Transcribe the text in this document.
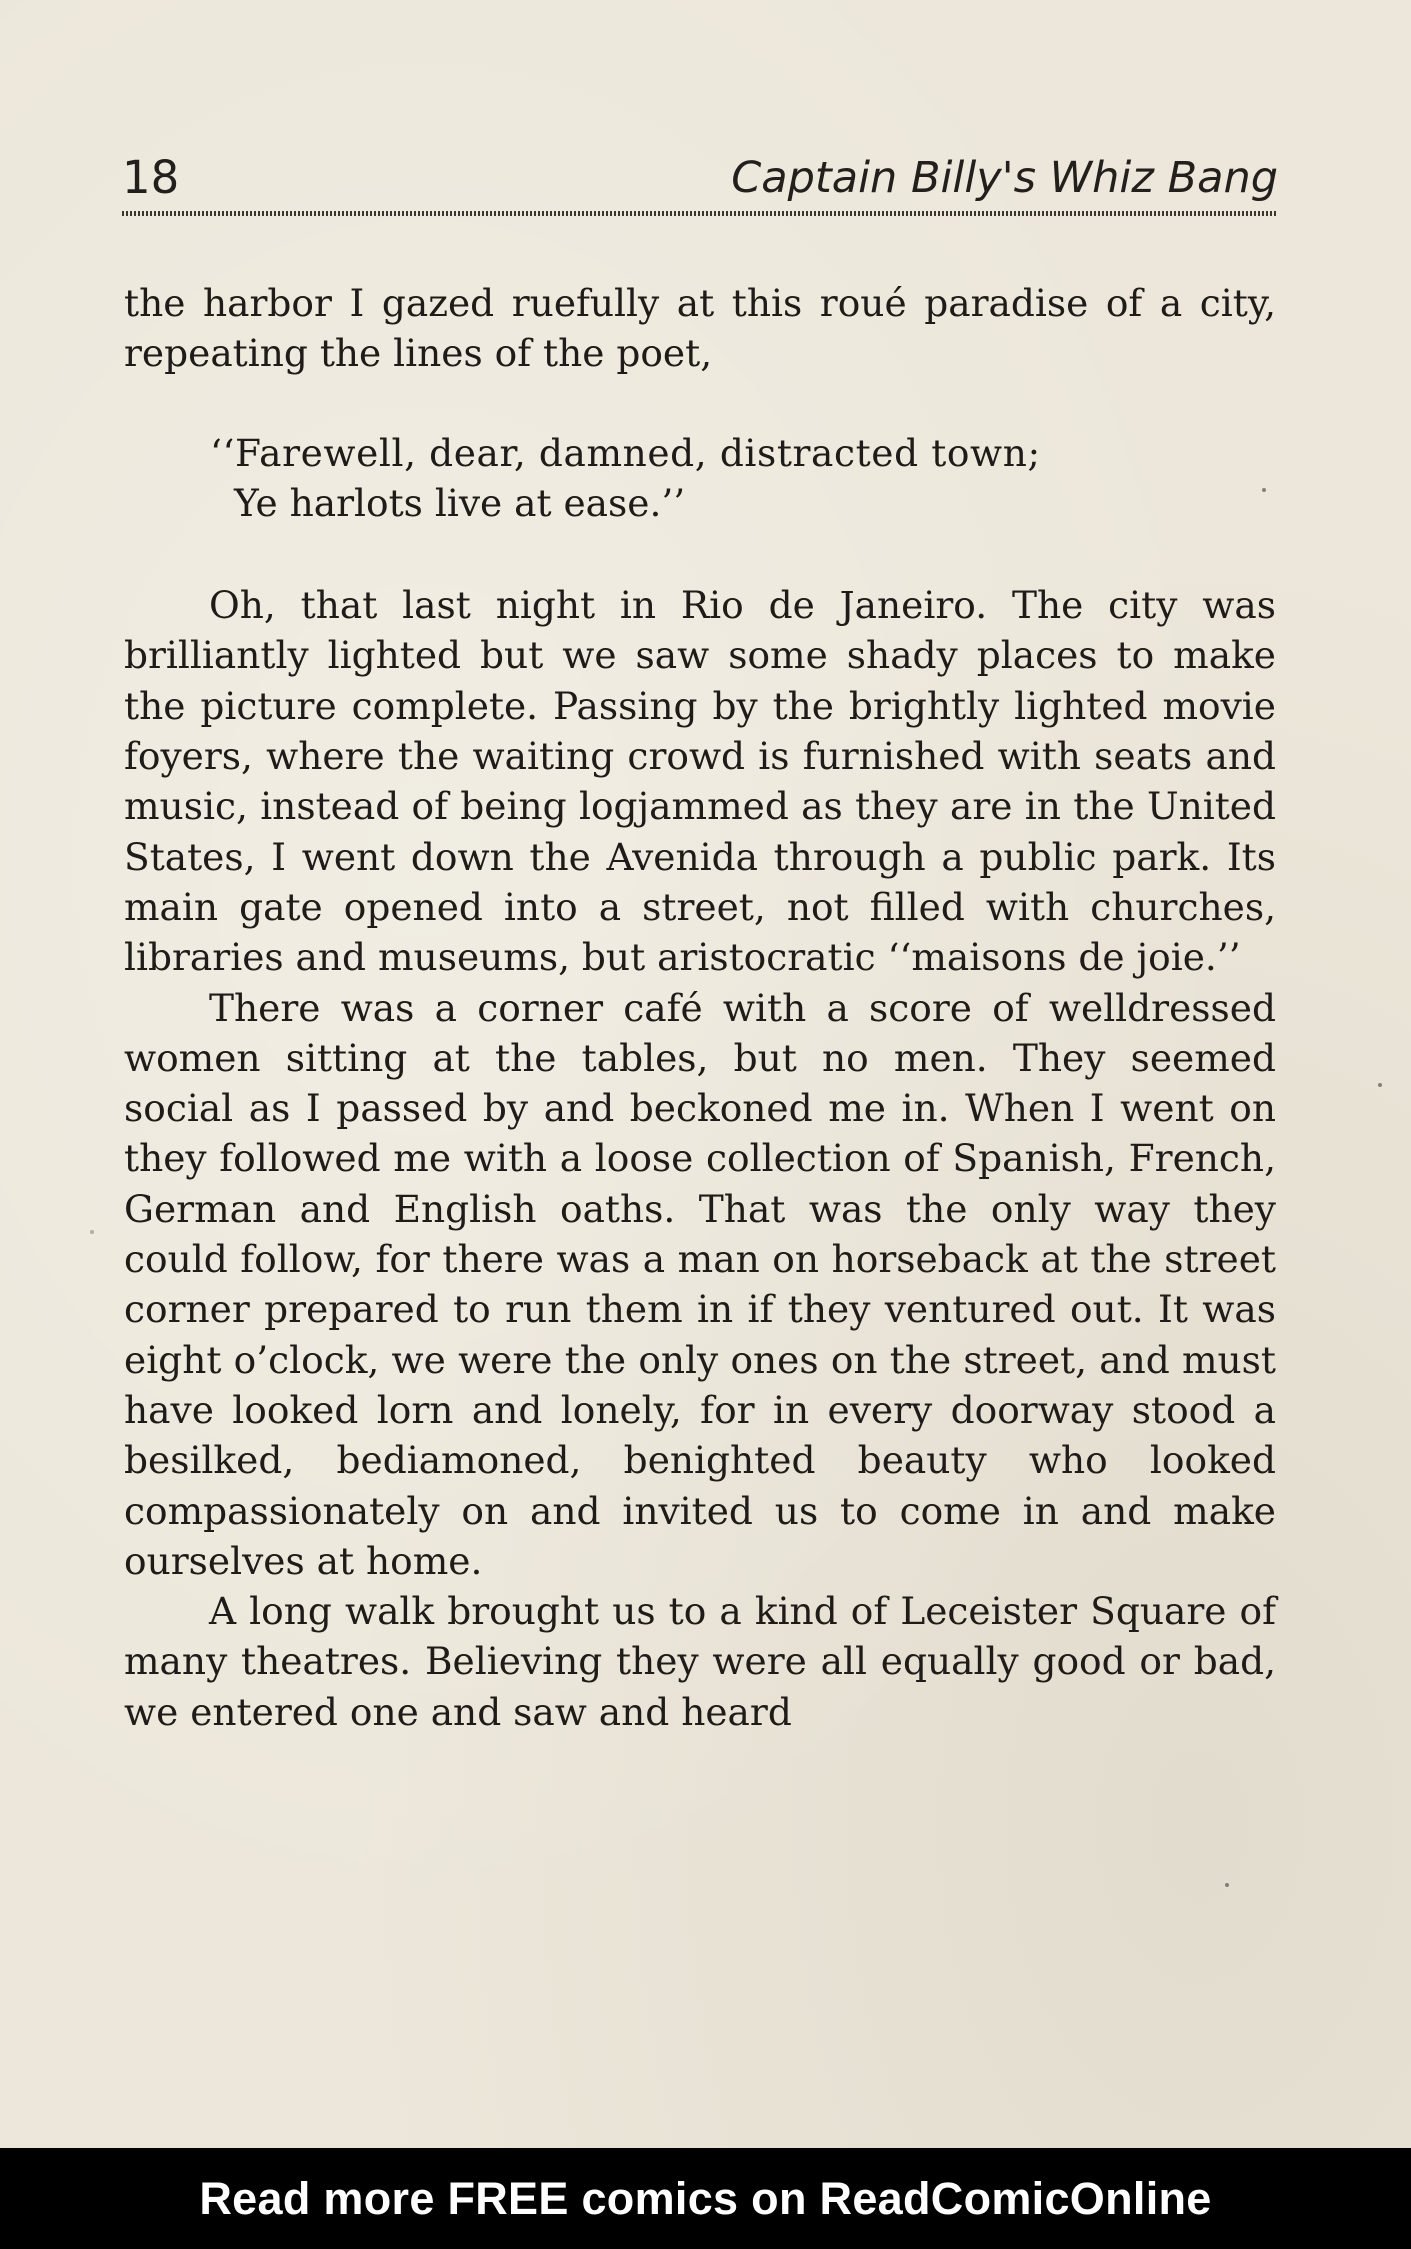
18	Captain Billy's Whiz Bang

the harbor I gazed ruefully at this roué paradise of a city, repeating the lines of the poet,

‘‘Farewell, dear, damned, distracted town;
Ye harlots live at ease.’’

Oh, that last night in Rio de Janeiro. The city was brilliantly lighted but we saw some shady places to make the picture complete. Passing by the brightly lighted movie foyers, where the waiting crowd is furnished with seats and music, instead of being logjammed as they are in the United States, I went down the Avenida through a public park. Its main gate opened into a street, not filled with churches, libraries and museums, but aristocratic ‘‘maisons de joie.’’

There was a corner café with a score of welldressed women sitting at the tables, but no men. They seemed social as I passed by and beckoned me in. When I went on they followed me with a loose collection of Spanish, French, German and English oaths. That was the only way they could follow, for there was a man on horseback at the street corner prepared to run them in if they ventured out. It was eight o’clock, we were the only ones on the street, and must have looked lorn and lonely, for in every doorway stood a besilked, bediamoned, benighted beauty who looked compassionately on and invited us to come in and make ourselves at home.

A long walk brought us to a kind of Leceister Square of many theatres. Believing they were all equally good or bad, we entered one and saw and heard

Read more FREE comics on ReadComicOnline
